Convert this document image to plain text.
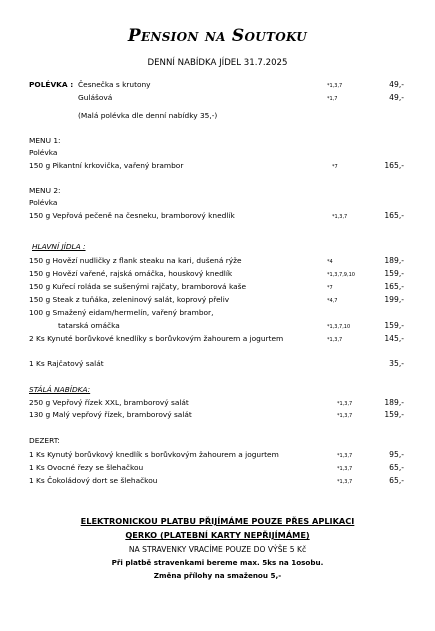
Pension na Soutoku
DENNÍ NABÍDKA JÍDEL 31.7.2025
POLÉVKA : Česnečka s krutony	*1,3,7	49,-
Gulášová	*1,7	49,-
(Malá polévka dle denní nabídky 35,-)
MENU 1:
Polévka
150 g Pikantní krkovička, vařený brambor	*7	165,-
MENU 2:
Polévka
150 g Vepřová pečeně na česneku, bramborový knedlík	*1,3,7	165,-
HLAVNÍ JÍDLA :
150 g Hovězí nudličky z flank steaku na kari, dušená rýže	*4	189,-
150 g Hovězí vařené, rajská omáčka, houskový knedlík	*1,3,7,9,10	159,-
150 g Kuřecí roláda se sušenými rajčaty, bramborová kaše	*7	165,-
150 g Steak z tuňáka, zeleninový salát, koprový přeliv	*4,7	199,-
100 g Smažený eidam/hermelín, vařený brambor,
tatarská omáčka	*1,3,7,10	159,-
2 Ks Kynuté borůvkové knedlíky s borůvkovým žahourem a jogurtem	*1,3,7	145,-
1 Ks Rajčatový salát	35,-
STÁLÁ NABÍDKA:
250 g Vepřový řízek XXL, bramborový salát	*1,3,7	189,-
130 g Malý vepřový řízek, bramborový salát	*1,3,7	159,-
DEZERT:
1 Ks Kynutý borůvkový knedlík s borůvkovým žahourem a jogurtem	*1,3,7	95,-
1 Ks Ovocné řezy se šlehačkou	*1,3,7	65,-
1 Ks Čokoládový dort se šlehačkou	*1,3,7	65,-
ELEKTRONICKOU PLATBU PŘIJÍMÁME POUZE PŘES APLIKACI
QERKO (PLATEBNÍ KARTY NEPŘIJÍMÁME)
NA STRAVENKY VRACÍME POUZE DO VÝŠE 5 Kč
Při platbě stravenkami bereme max. 5ks na 1osobu.
Změna přílohy na smaženou 5,-
